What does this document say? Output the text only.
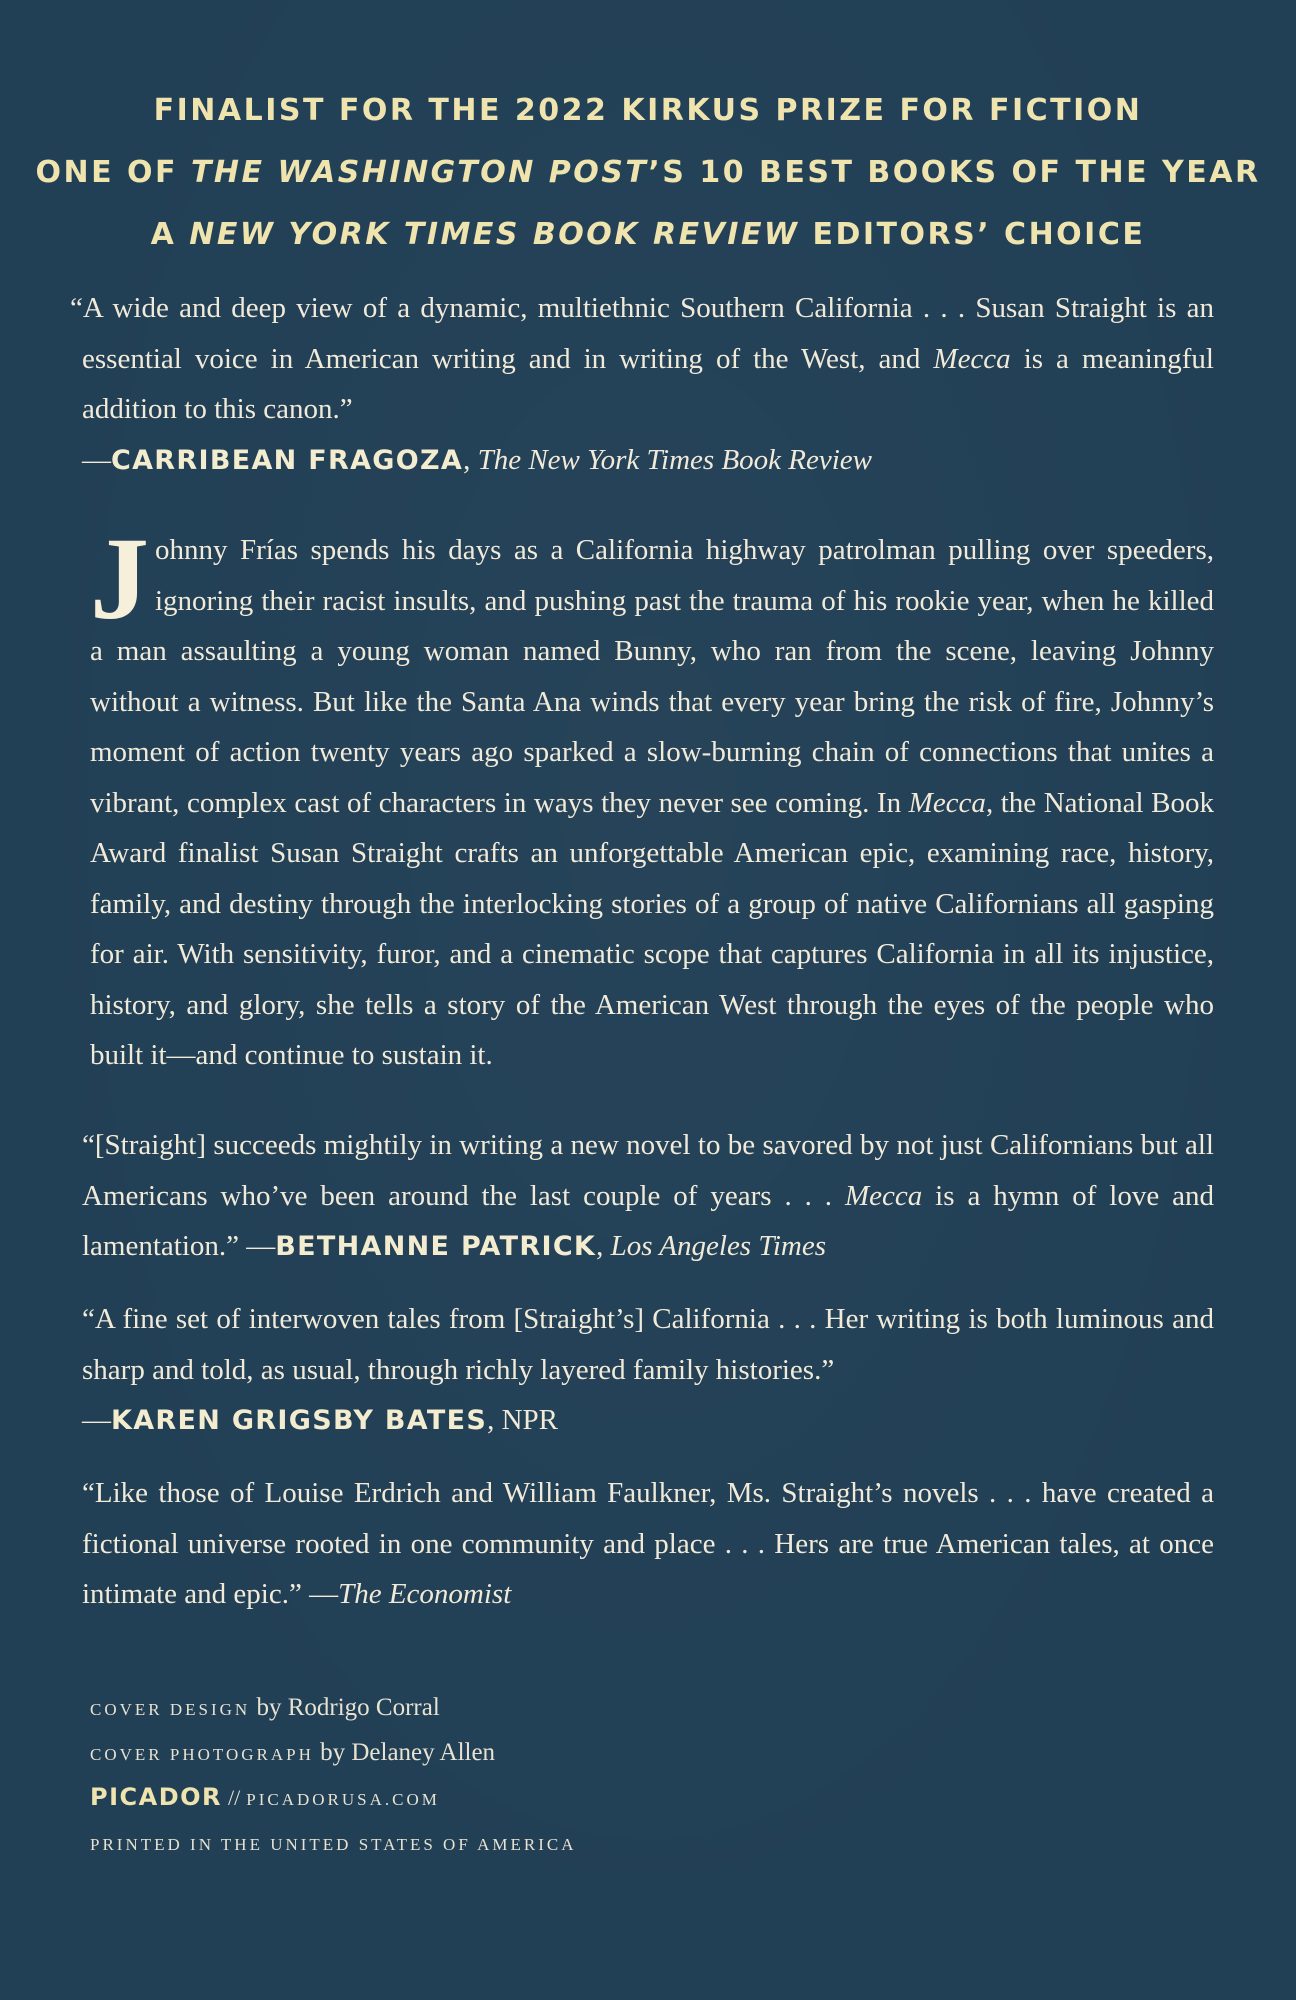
FINALIST FOR THE 2022 KIRKUS PRIZE FOR FICTION
ONE OF THE WASHINGTON POST’S 10 BEST BOOKS OF THE YEAR
A NEW YORK TIMES BOOK REVIEW EDITORS’ CHOICE

“A wide and deep view of a dynamic, multiethnic Southern California . . . Susan Straight is an essential voice in American writing and in writing of the West, and Mecca is a meaningful addition to this canon.”

—CARRIBEAN FRAGOZA, The New York Times Book Review
J ohnny Frías spends his days as a California highway patrolman pulling over speeders, ignoring their racist insults, and pushing past the trauma of his rookie year, when he killed a man assaulting a young woman named Bunny, who ran from the scene, leaving Johnny without a witness. But like the Santa Ana winds that every year bring the risk of fire, Johnny’s moment of action twenty years ago sparked a slow-burning chain of connections that unites a vibrant, complex cast of characters in ways they never see coming. In Mecca, the National Book Award finalist Susan Straight crafts an unforgettable American epic, examining race, history, family, and destiny through the interlocking stories of a group of native Californians all gasping for air. With sensitivity, furor, and a cinematic scope that captures California in all its injustice, history, and glory, she tells a story of the American West through the eyes of the people who built it—and continue to sustain it.

“[Straight] succeeds mightily in writing a new novel to be savored by not just Californians but all Americans who’ve been around the last couple of years . . . Mecca is a hymn of love and lamentation.” —BETHANNE PATRICK, Los Angeles Times

“A fine set of interwoven tales from [Straight’s] California . . . Her writing is both luminous and sharp and told, as usual, through richly layered family histories.”

—KAREN GRIGSBY BATES, NPR

“Like those of Louise Erdrich and William Faulkner, Ms. Straight’s novels . . . have created a fictional universe rooted in one community and place . . . Hers are true American tales, at once intimate and epic.” —The Economist

COVER DESIGN by Rodrigo Corral
COVER PHOTOGRAPH by Delaney Allen
PICADOR // PICADORUSA.COM
PRINTED IN THE UNITED STATES OF AMERICA
